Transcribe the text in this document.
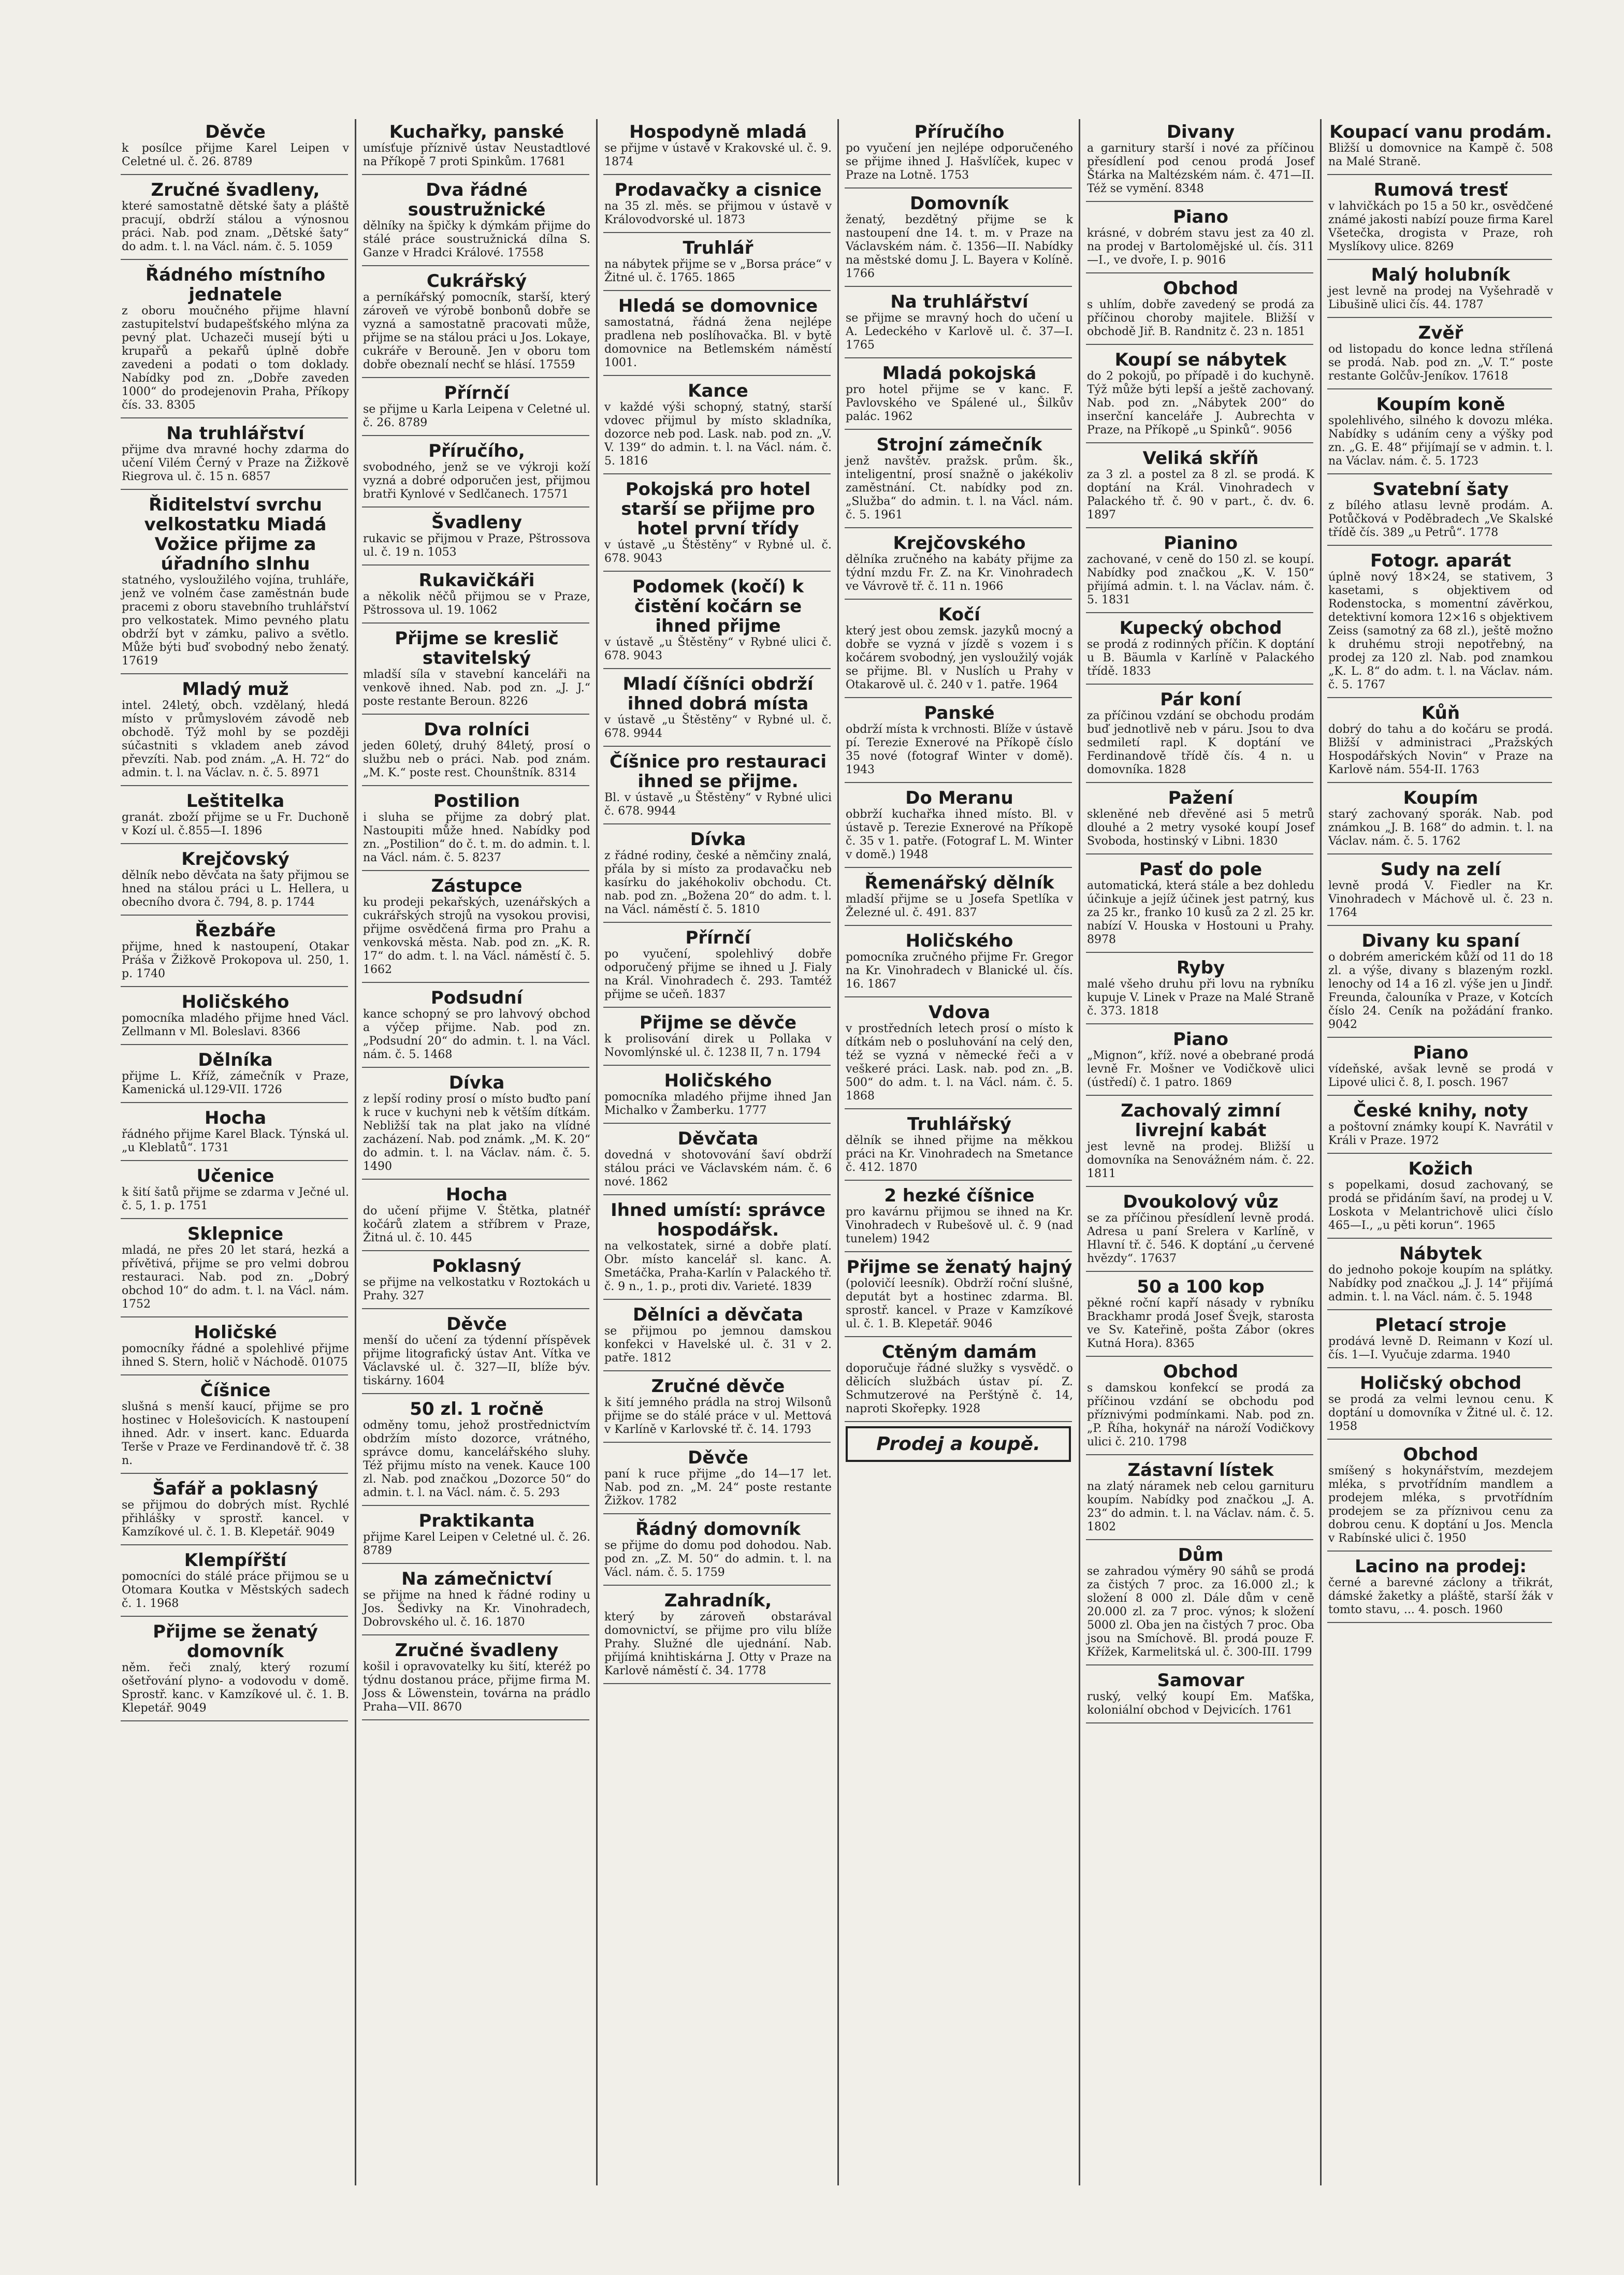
Děvče

k posílce přijme Karel Leipen v Celetné ul. č. 26. 8789

Zručné švadleny,

které samostatně dětské šaty a pláště pracují, obdrží stálou a výnosnou práci. Nab. pod znam. „Dětské šaty“ do adm. t. l. na Václ. nám. č. 5. 1059

Řádného místního jednatele

z oboru moučného přijme hlavní zastupitelství budapešťského mlýna za pevný plat. Uchazeči musejí býti u krupařů a pekařů úplně dobře zavedeni a podati o tom doklady. Nabídky pod zn. „Dobře zaveden 1000“ do prodejenovin Praha, Příkopy čís. 33. 8305

Na truhlářství

přijme dva mravné hochy zdarma do učení Vilém Černý v Praze na Žižkově Riegrova ul. č. 15 n. 6857

Řiditelství svrchu velkostatku Miadá Vožice přijme za úřadního slnhu

statného, vysloužilého vojína, truhláře, jenž ve volném čase zaměstnán bude pracemi z oboru stavebního truhlářství pro velkostatek. Mimo pevného platu obdrží byt v zámku, palivo a světlo. Může býti buď svobodný nebo ženatý. 17619

Mladý muž

intel. 24letý, obch. vzdělaný, hledá místo v průmyslovém závodě neb obchodě. Týž mohl by se později súčastniti s vkladem aneb závod převzíti. Nab. pod znám. „A. H. 72“ do admin. t. l. na Václav. n. č. 5. 8971

Leštitelka

granát. zboží přijme se u Fr. Duchoně v Kozí ul. č.855—I. 1896

Krejčovský

dělník nebo děvčata na šaty přijmou se hned na stálou práci u L. Hellera, u obecního dvora č. 794, 8. p. 1744

Řezbáře

přijme, hned k nastoupení, Otakar Práša v Žižkově Prokopova ul. 250, 1. p. 1740

Holičského

pomocníka mladého přijme hned Václ. Zellmann v Ml. Boleslavi. 8366

Dělníka

přijme L. Kříž, zámečník v Praze, Kamenická ul.129-VII. 1726

Hocha

řádného přijme Karel Black. Týnská ul. „u Kleblatů“. 1731

Učenice

k šití šatů přijme se zdarma v Ječné ul. č. 5, 1. p. 1751

Sklepnice

mladá, ne přes 20 let stará, hezká a přívětivá, přijme se pro velmi dobrou restauraci. Nab. pod zn. „Dobrý obchod 10“ do adm. t. l. na Václ. nám. 1752

Holičské

pomocníky řádné a spolehlivé přijme ihned S. Stern, holič v Náchodě. 01075

Číšnice

slušná s menší kaucí, přijme se pro hostinec v Holešovicích. K nastoupení ihned. Adr. v insert. kanc. Eduarda Terše v Praze ve Ferdinandově tř. č. 38 n.

Šafář a poklasný

se přijmou do dobrých míst. Rychlé přihlášky v sprostř. kancel. v Kamzíkové ul. č. 1. B. Klepetář. 9049

Klempířští

pomocníci do stálé práce přijmou se u Otomara Koutka v Městských sadech č. 1. 1968

Přijme se ženatý domovník

něm. řeči znalý, který rozumí ošetřování plyno- a vodovodu v domě. Sprostř. kanc. v Kamzíkové ul. č. 1. B. Klepetář. 9049

Kuchařky, panské

umísťuje příznivě ústav Neustadtlové na Příkopě 7 proti Spinkům. 17681

Dva řádné soustružnické

dělníky na špičky k dýmkám přijme do stálé práce soustružnická dílna S. Ganze v Hradci Králové. 17558

Cukrářský

a perníkářský pomocník, starší, který zároveň ve výrobě bonbonů dobře se vyzná a samostatně pracovati může, přijme se na stálou práci u Jos. Lokaye, cukráře v Berouně. Jen v oboru tom dobře obeznalí nechť se hlásí. 17559

Přírnčí

se přijme u Karla Leipena v Celetné ul. č. 26. 8789

Příručího,

svobodného, jenž se ve výkroji koží vyzná a dobré odporučen jest, přijmou bratři Kynlové v Sedlčanech. 17571

Švadleny

rukavic se přijmou v Praze, Pštrossova ul. č. 19 n. 1053

Rukavičkáři

a několik něčů přijmou se v Praze, Pštrossova ul. 19. 1062

Přijme se kreslič stavitelský

mladší síla v stavební kanceláři na venkově ihned. Nab. pod zn. „J. J.“ poste restante Beroun. 8226

Dva rolníci

jeden 60letý, druhý 84letý, prosí o službu neb o práci. Nab. pod znám. „M. K.“ poste rest. Chounštník. 8314

Postilion

i sluha se přijme za dobrý plat. Nastoupiti může hned. Nabídky pod zn. „Postilion“ do č. t. m. do admin. t. l. na Václ. nám. č. 5. 8237

Zástupce

ku prodeji pekařských, uzenářských a cukrářských strojů na vysokou provisi, přijme osvědčená firma pro Prahu a venkovská města. Nab. pod zn. „K. R. 17“ do adm. t. l. na Václ. náměstí č. 5. 1662

Podsudní

kance schopný se pro lahvový obchod a výčep přijme. Nab. pod zn. „Podsudní 20“ do admin. t. l. na Václ. nám. č. 5. 1468

Dívka

z lepší rodiny prosí o místo buďto paní k ruce v kuchyni neb k větším dítkám. Nebližší tak na plat jako na vlídné zacházení. Nab. pod známk. „M. K. 20“ do admin. t. l. na Václav. nám. č. 5. 1490

Hocha

do učení přijme V. Štětka, platnéř kočárů zlatem a stříbrem v Praze, Žitná ul. č. 10. 445

Poklasný

se přijme na velkostatku v Roztokách u Prahy. 327

Děvče

menší do učení za týdenní příspěvek přijme litografický ústav Ant. Vítka ve Václavské ul. č. 327—II, blíže býv. tiskárny. 1604

50 zl. 1 ročně

odměny tomu, jehož prostřednictvím obdržím místo dozorce, vrátného, správce domu, kancelářského sluhy. Též přijmu místo na venek. Kauce 100 zl. Nab. pod značkou „Dozorce 50“ do admin. t. l. na Václ. nám. č. 5. 293

Praktikanta

přijme Karel Leipen v Celetné ul. č. 26. 8789

Na zámečnictví

se přijme na hned k řádné rodiny u Jos. Šedivky na Kr. Vinohradech, Dobrovského ul. č. 16. 1870

Zručné švadleny

košil i opravovatelky ku šití, kteréž po týdnu dostanou práce, přijme firma M. Joss & Löwenstein, továrna na prádlo Praha—VII. 8670

Hospodyně mladá

se přijme v ústavě v Krakovské ul. č. 9. 1874

Prodavačky a cisnice

na 35 zl. měs. se přijmou v ústavě v Královodvorské ul. 1873

Truhlář

na nábytek přijme se v „Borsa práce“ v Žitné ul. č. 1765. 1865

Hledá se domovnice

samostatná, řádná žena nejlépe pradlena neb poslíhovačka. Bl. v bytě domovnice na Betlemském náměstí 1001.

Kance

v každé výši schopný, statný, starší vdovec přijmul by místo skladníka, dozorce neb pod. Lask. nab. pod zn. „V. V. 139“ do admin. t. l. na Václ. nám. č. 5. 1816

Pokojská pro hotel starší se přijme pro hotel první třídy

v ústavě „u Štěstěny“ v Rybné ul. č. 678. 9043

Podomek (kočí) k čistění kočárn se ihned přijme

v ústavě „u Štěstěny“ v Rybné ulici č. 678. 9043

Mladí číšníci obdrží ihned dobrá místa

v ústavě „u Štěstěny“ v Rybné ul. č. 678. 9944

Číšnice pro restauraci ihned se přijme.

Bl. v ústavě „u Štěstěny“ v Rybné ulici č. 678. 9944

Dívka

z řádné rodiny, české a němčiny znalá, přála by si místo za prodavačku neb kasírku do jakéhokoliv obchodu. Ct. nab. pod zn. „Božena 20“ do adm. t. l. na Václ. náměstí č. 5. 1810

Přírnčí

po vyučení, spolehlivý dobře odporučený přijme se ihned u J. Fialy na Král. Vinohradech č. 293. Tamtéž přijme se učeň. 1837

Přijme se děvče

k prolisování direk u Pollaka v Novomlýnské ul. č. 1238 II, 7 n. 1794

Holičského

pomocníka mladého přijme ihned Jan Michalko v Žamberku. 1777

Děvčata

dovedná v shotovování šaví obdrží stálou práci ve Václavském nám. č. 6 nové. 1862

Ihned umístí: správce hospodářsk.

na velkostatek, sirné a dobře platí. Obr. místo kancelář sl. kanc. A. Smetáčka, Praha-Karlín v Palackého tř. č. 9 n., 1. p., proti div. Varieté. 1839

Dělníci a děvčata

se přijmou po jemnou damskou konfekci v Havelské ul. č. 31 v 2. patře. 1812

Zručné děvče

k šití jemného prádla na stroj Wilsonů přijme se do stálé práce v ul. Mettová v Karlíně v Karlovské tř. č. 14. 1793

Děvče

paní k ruce přijme „do 14—17 let. Nab. pod zn. „M. 24“ poste restante Žižkov. 1782

Řádný domovník

se přijme do domu pod dohodou. Nab. pod zn. „Z. M. 50“ do admin. t. l. na Václ. nám. č. 5. 1759

Zahradník,

který by zároveň obstarával domovnictví, se přijme pro vilu blíže Prahy. Služné dle ujednání. Nab. přijímá knihtiskárna J. Otty v Praze na Karlově náměstí č. 34. 1778

Příručího

po vyučení jen nejlépe odporučeného se přijme ihned J. Hašvlíček, kupec v Praze na Lotně. 1753

Domovník

ženatý, bezdětný přijme se k nastoupení dne 14. t. m. v Praze na Václavském nám. č. 1356—II. Nabídky na městské domu J. L. Bayera v Kolíně. 1766

Na truhlářství

se přijme se mravný hoch do učení u A. Ledeckého v Karlově ul. č. 37—I. 1765

Mladá pokojská

pro hotel přijme se v kanc. F. Pavlovského ve Spálené ul., Šilkův palác. 1962

Strojní zámečník

jenž navštěv. pražsk. prům. šk., inteligentní, prosí snažně o jakékoliv zaměstnání. Ct. nabídky pod zn. „Služba“ do admin. t. l. na Václ. nám. č. 5. 1961

Krejčovského

dělníka zručného na kabáty přijme za týdní mzdu Fr. Z. na Kr. Vinohradech ve Vávrově tř. č. 11 n. 1966

Kočí

který jest obou zemsk. jazyků mocný a dobře se vyzná v jízdě s vozem i s kočárem svobodný, jen vysloužilý voják se přijme. Bl. v Nuslích u Prahy v Otakarově ul. č. 240 v 1. patře. 1964

Panské

obdrží místa k vrchnosti. Blíže v ústavě pí. Terezie Exnerové na Příkopě číslo 35 nové (fotograf Winter v domě). 1943

Do Meranu

obbrží kuchařka ihned místo. Bl. v ústavě p. Terezie Exnerové na Příkopě č. 35 v 1. patře. (Fotograf L. M. Winter v domě.) 1948

Řemenářský dělník

mladší přijme se u Josefa Spetlíka v Železné ul. č. 491. 837

Holičského

pomocníka zručného přijme Fr. Gregor na Kr. Vinohradech v Blanické ul. čís. 16. 1867

Vdova

v prostředních letech prosí o místo k dítkám neb o posluhování na celý den, též se vyzná v německé řeči a v veškeré práci. Lask. nab. pod zn. „B. 500“ do adm. t. l. na Václ. nám. č. 5. 1868

Truhlářský

dělník se ihned přijme na měkkou práci na Kr. Vinohradech na Smetance č. 412. 1870

2 hezké číšnice

pro kavárnu přijmou se ihned na Kr. Vinohradech v Rubešově ul. č. 9 (nad tunelem) 1942

Přijme se ženatý hajný

(polovičí leesník). Obdrží roční slušné, deputát byt a hostinec zdarma. Bl. sprostř. kancel. v Praze v Kamzíkové ul. č. 1. B. Klepetář. 9046

Ctěným damám

doporučuje řádné služky s vysvědč. o dělicích službách ústav pí. Z. Schmutzerové na Perštýně č. 14, naproti Skořepky. 1928

Prodej a koupě.
Divany

a garnitury starší i nové za příčinou přesídlení pod cenou prodá Josef Štárka na Maltézském nám. č. 471—II. Též se vymění. 8348

Piano

krásné, v dobrém stavu jest za 40 zl. na prodej v Bartolomějské ul. čís. 311—I., ve dvoře, I. p. 9016

Obchod

s uhlím, dobře zavedený se prodá za příčinou choroby majitele. Bližší v obchodě Jiř. B. Randnitz č. 23 n. 1851

Koupí se nábytek

do 2 pokojů, po případě i do kuchyně. Týž může býti lepší a ještě zachovaný. Nab. pod zn. „Nábytek 200“ do inserční kanceláře J. Aubrechta v Praze, na Příkopě „u Spinků“. 9056

Veliká skříň

za 3 zl. a postel za 8 zl. se prodá. K doptání na Král. Vinohradech v Palackého tř. č. 90 v part., č. dv. 6. 1897

Pianino

zachované, v ceně do 150 zl. se koupí. Nabídky pod značkou „K. V. 150“ přijímá admin. t. l. na Václav. nám. č. 5. 1831

Kupecký obchod

se prodá z rodinných příčin. K doptání u B. Bäumla v Karlíně v Palackého třídě. 1833

Pár koní

za příčinou vzdání se obchodu prodám buď jednotlivě neb v páru. Jsou to dva sedmiletí rapl. K doptání ve Ferdinandově třídě čís. 4 n. u domovníka. 1828

Pažení

skleněné neb dřevěné asi 5 metrů dlouhé a 2 metry vysoké koupí Josef Svoboda, hostinský v Libni. 1830

Pasť do pole

automatická, která stále a bez dohledu účinkuje a jejíž účinek jest patrný, kus za 25 kr., franko 10 kusů za 2 zl. 25 kr. nabízí V. Houska v Hostouni u Prahy. 8978

Ryby

malé všeho druhu při lovu na rybníku kupuje V. Linek v Praze na Malé Straně č. 373. 1818

Piano

„Mignon“, kříž. nové a obebrané prodá levně Fr. Mošner ve Vodičkově ulici (ústředí) č. 1 patro. 1869

Zachovalý zimní livrejní kabát

jest levně na prodej. Bližší u domovníka na Senovážném nám. č. 22. 1811

Dvoukolový vůz

se za příčinou přesídlení levně prodá. Adresa u paní Srelera v Karlíně, v Hlavní tř. č. 546. K doptání „u červené hvězdy“. 17637

50 a 100 kop

pěkné roční kapří násady v rybníku Brackhamr prodá Josef Švejk, starosta ve Sv. Kateřině, pošta Zábor (okres Kutná Hora). 8365

Obchod

s damskou konfekcí se prodá za příčinou vzdání se obchodu pod příznivými podmínkami. Nab. pod zn. „P. Říha, hokynář na nároží Vodičkovy ulici č. 210. 1798

Zástavní lístek

na zlatý náramek neb celou garnituru koupím. Nabídky pod značkou „J. A. 23“ do admin. t. l. na Václav. nám. č. 5. 1802

Dům

se zahradou výměry 90 sáhů se prodá za čistých 7 proc. za 16.000 zl.; k složení 8 000 zl. Dále dům v ceně 20.000 zl. za 7 proc. výnos; k složení 5000 zl. Oba jen na čistých 7 proc. Oba jsou na Smíchově. Bl. prodá pouze F. Křížek, Karmelitská ul. č. 300-III. 1799

Samovar

ruský, velký koupí Em. Maťška, koloniální obchod v Dejvicích. 1761

Koupací vanu prodám.

Bližší u domovnice na Kampě č. 508 na Malé Straně.

Rumová tresť

v lahvičkách po 15 a 50 kr., osvědčené známé jakosti nabízí pouze firma Karel Všetečka, drogista v Praze, roh Myslíkovy ulice. 8269

Malý holubník

jest levně na prodej na Vyšehradě v Libušině ulici čís. 44. 1787

Zvěř

od listopadu do konce ledna střílená se prodá. Nab. pod zn. „V. T.“ poste restante Golčův-Jeníkov. 17618

Koupím koně

spolehlivého, silného k dovozu mléka. Nabídky s udáním ceny a výšky pod zn. „G. E. 48“ přijímají se v admin. t. l. na Václav. nám. č. 5. 1723

Svatební šaty

z bílého atlasu levně prodám. A. Potůčková v Poděbradech „Ve Skalské třídě čís. 389 „u Petrů“. 1778

Fotogr. aparát

úplně nový 18×24, se stativem, 3 kasetami, s objektivem od Rodenstocka, s momentní závěrkou, detektivní komora 12×16 s objektivem Zeiss (samotný za 68 zl.), ještě možno k druhému stroji nepotřebný, na prodej za 120 zl. Nab. pod znamkou „K. L. 8“ do adm. t. l. na Václav. nám. č. 5. 1767

Kůň

dobrý do tahu a do kočáru se prodá. Bližší v administraci „Pražských Hospodářských Novin“ v Praze na Karlově nám. 554-II. 1763

Koupím

starý zachovaný sporák. Nab. pod známkou „J. B. 168“ do admin. t. l. na Václav. nám. č. 5. 1762

Sudy na zelí

levně prodá V. Fiedler na Kr. Vinohradech v Máchově ul. č. 23 n. 1764

Divany ku spaní

o dobrém americkém kůží od 11 do 18 zl. a výše, divany s blazeným rozkl. lenochy od 14 a 16 zl. výše jen u Jindř. Freunda, čalouníka v Praze, v Kotcích číslo 24. Ceník na požádání franko. 9042

Piano

vídeňské, avšak levně se prodá v Lipové ulici č. 8, I. posch. 1967

České knihy, noty

a poštovní známky koupí K. Navrátil v Králi v Praze. 1972

Kožich

s popelkami, dosud zachovaný, se prodá se přidáním šaví, na prodej u V. Loskota v Melantrichově ulici číslo 465—I., „u pěti korun“. 1965

Nábytek

do jednoho pokoje koupím na splátky. Nabídky pod značkou „J. J. 14“ přijímá admin. t. l. na Václ. nám. č. 5. 1948

Pletací stroje

prodává levně D. Reimann v Kozí ul. čís. 1—I. Vyučuje zdarma. 1940

Holičský obchod

se prodá za velmi levnou cenu. K doptání u domovníka v Žitné ul. č. 12. 1958

Obchod

smíšený s hokynářstvím, mezdejem mléka, s prvotřídním mandlem a prodejem mléka, s prvotřídním prodejem se za příznivou cenu za dobrou cenu. K doptání u Jos. Mencla v Rabínské ulici č. 1950

Lacino na prodej:

černé a barevné záclony a třikrát, dámské žaketky a pláště, starší žák v tomto stavu, ... 4. posch. 1960
